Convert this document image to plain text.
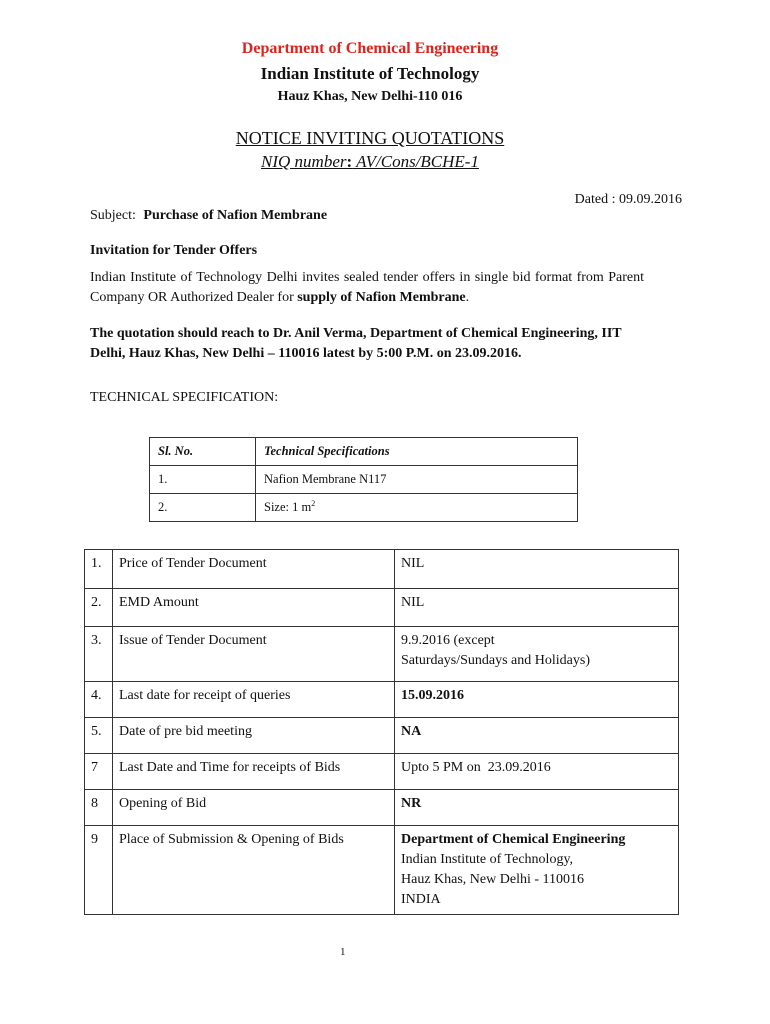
Department of Chemical Engineering
Indian Institute of Technology
Hauz Khas, New Delhi-110 016
NOTICE INVITING QUOTATIONS
NIQ number: AV/Cons/BCHE-1
Dated : 09.09.2016
Subject: Purchase of Nafion Membrane
Invitation for Tender Offers
Indian Institute of Technology Delhi invites sealed tender offers in single bid format from Parent Company OR Authorized Dealer for supply of Nafion Membrane.
The quotation should reach to Dr. Anil Verma, Department of Chemical Engineering, IIT Delhi, Hauz Khas, New Delhi – 110016 latest by 5:00 P.M. on 23.09.2016.
TECHNICAL SPECIFICATION:
Sl. No.	Technical Specifications
1.	Nafion Membrane N117
2.	Size: 1 $m^2$
1.	Price of Tender Document	NIL
2.	EMD Amount	NIL
3.	Issue of Tender Document	9.9.2016 (except
Saturdays/Sundays and Holidays)

4.	Last date for receipt of queries	15.09.2016
5.	Date of pre bid meeting	NA
7	Last Date and Time for receipts of Bids	Upto 5 PM on  23.09.2016
8	Opening of Bid	NR
9	Place of Submission & Opening of Bids	Department of Chemical Engineering
Indian Institute of Technology,
Hauz Khas, New Delhi - 110016
INDIA
1
